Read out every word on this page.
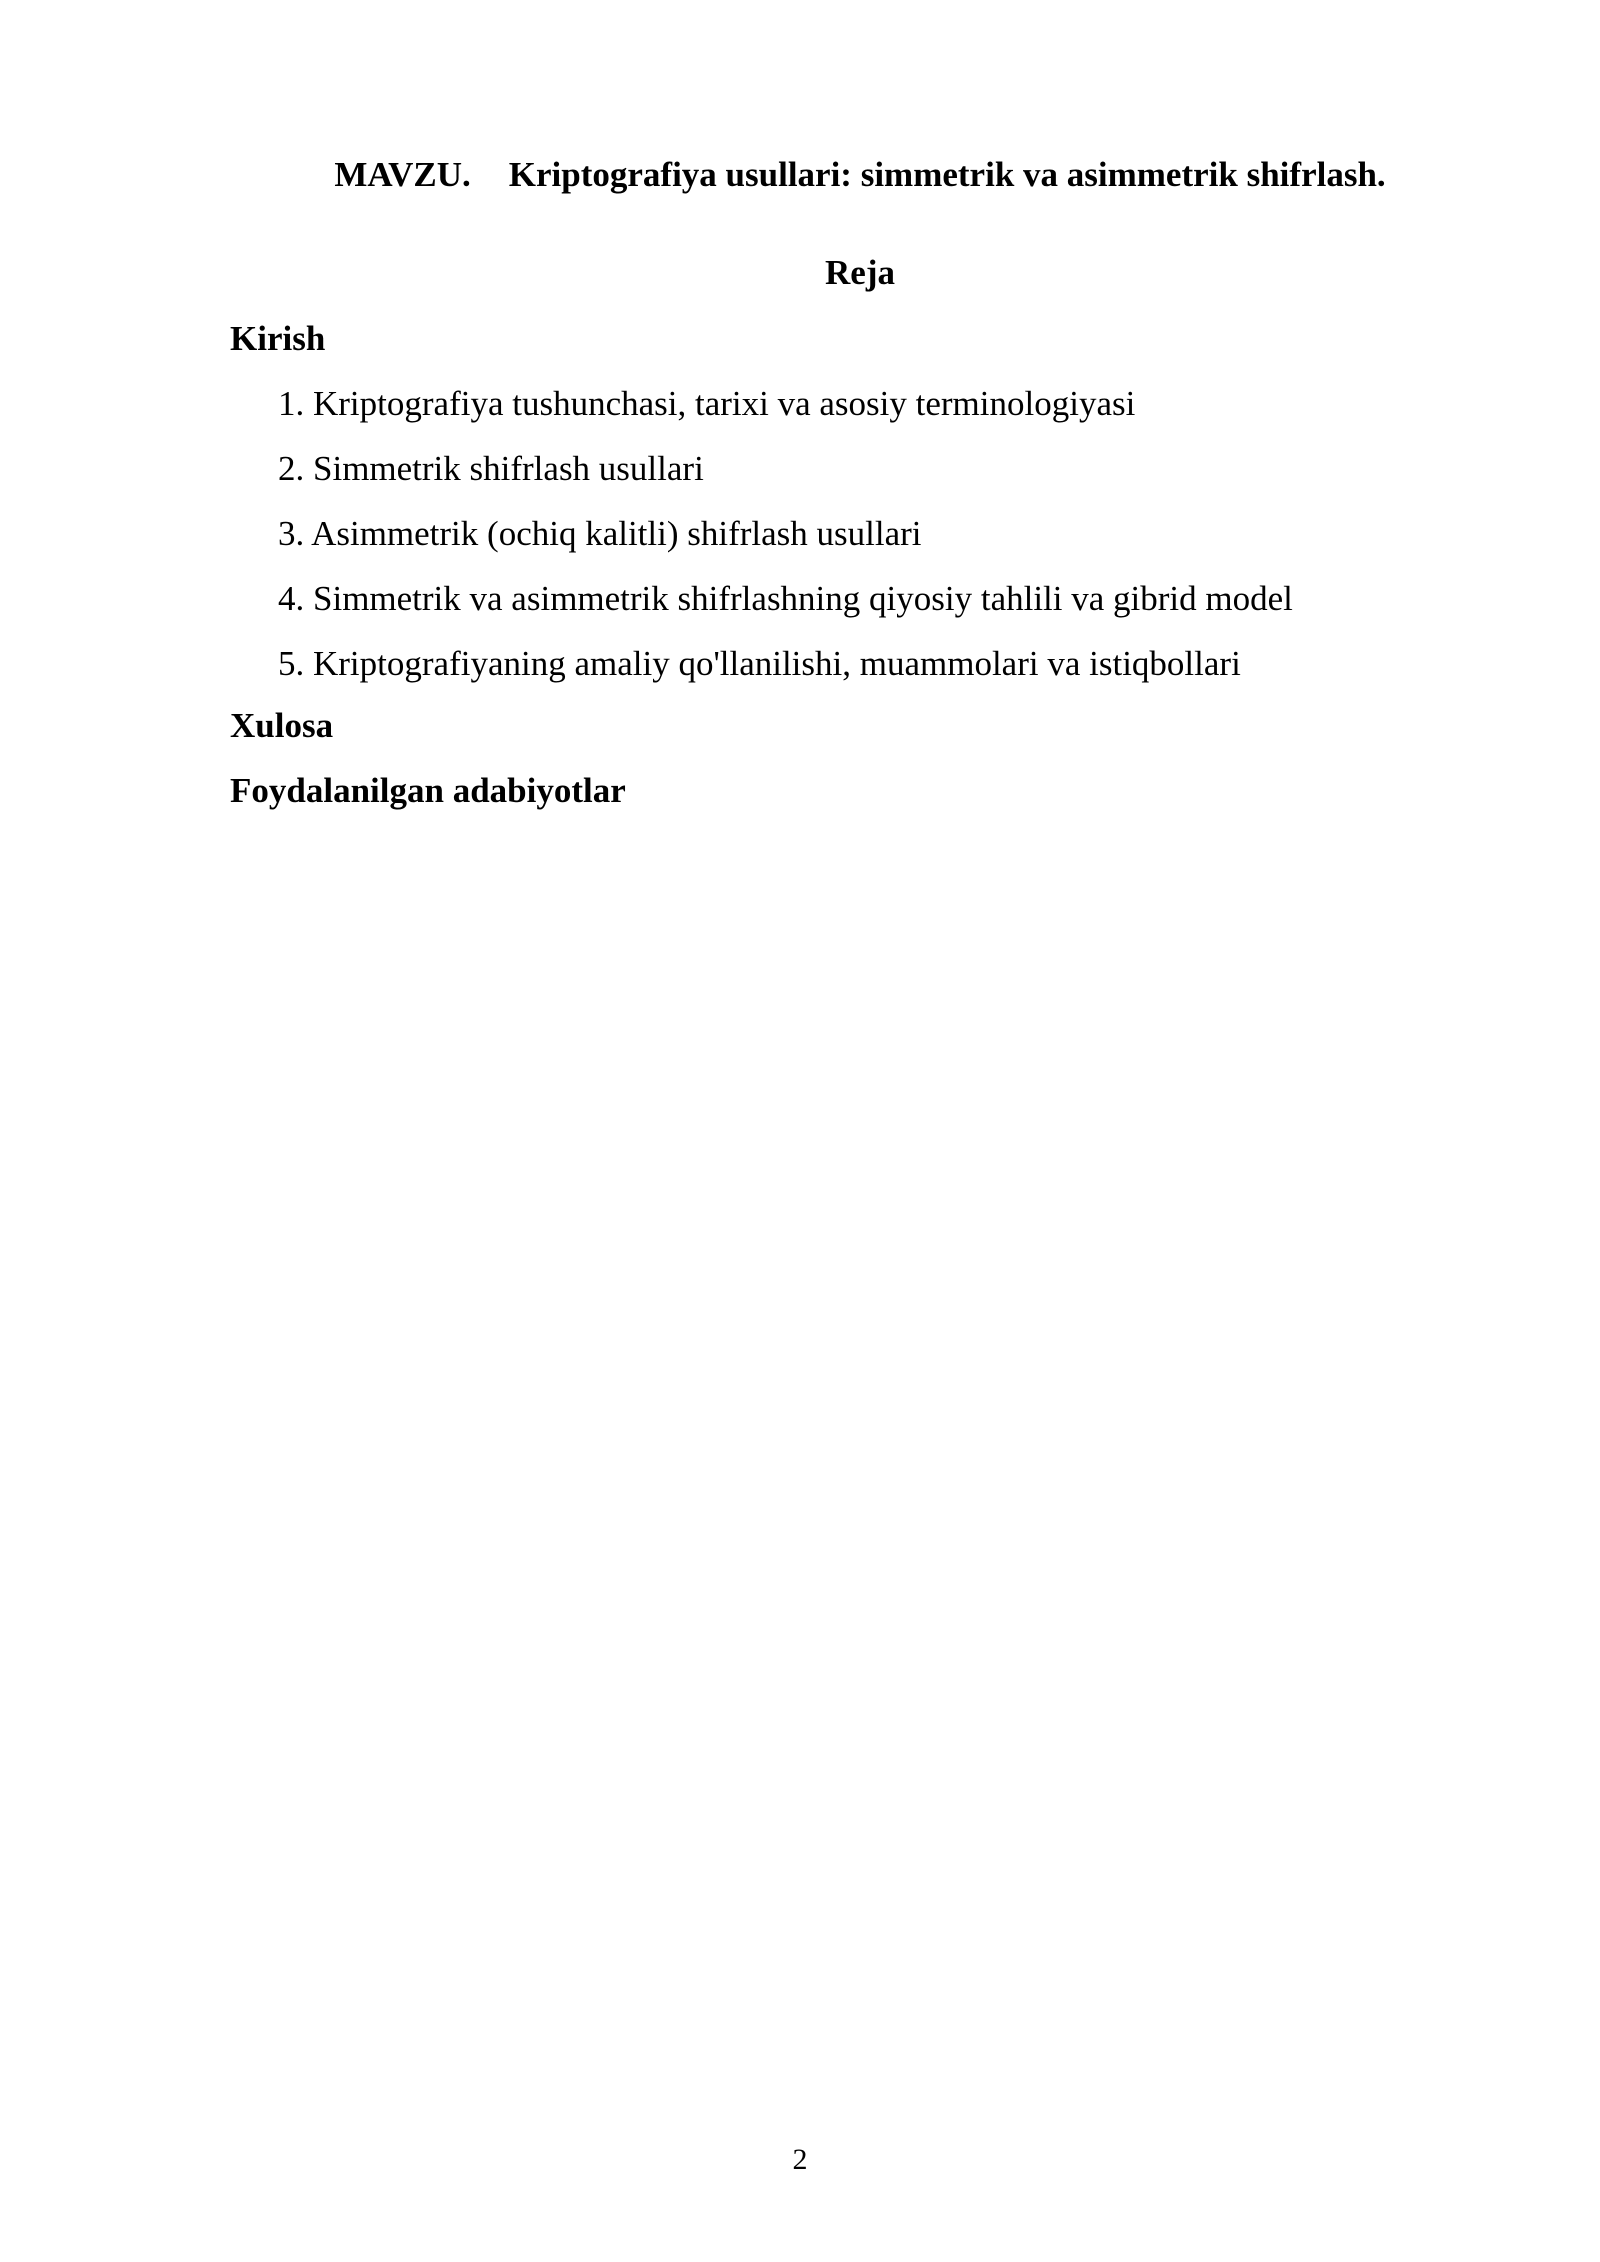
MAVZU. Kriptografiya usullari: simmetrik va asimmetrik shifrlash.
Reja
Kirish
1. Kriptografiya tushunchasi, tarixi va asosiy terminologiyasi
2. Simmetrik shifrlash usullari
3. Asimmetrik (ochiq kalitli) shifrlash usullari
4. Simmetrik va asimmetrik shifrlashning qiyosiy tahlili va gibrid model
5. Kriptografiyaning amaliy qo'llanilishi, muammolari va istiqbollari
Xulosa
Foydalanilgan adabiyotlar
2
